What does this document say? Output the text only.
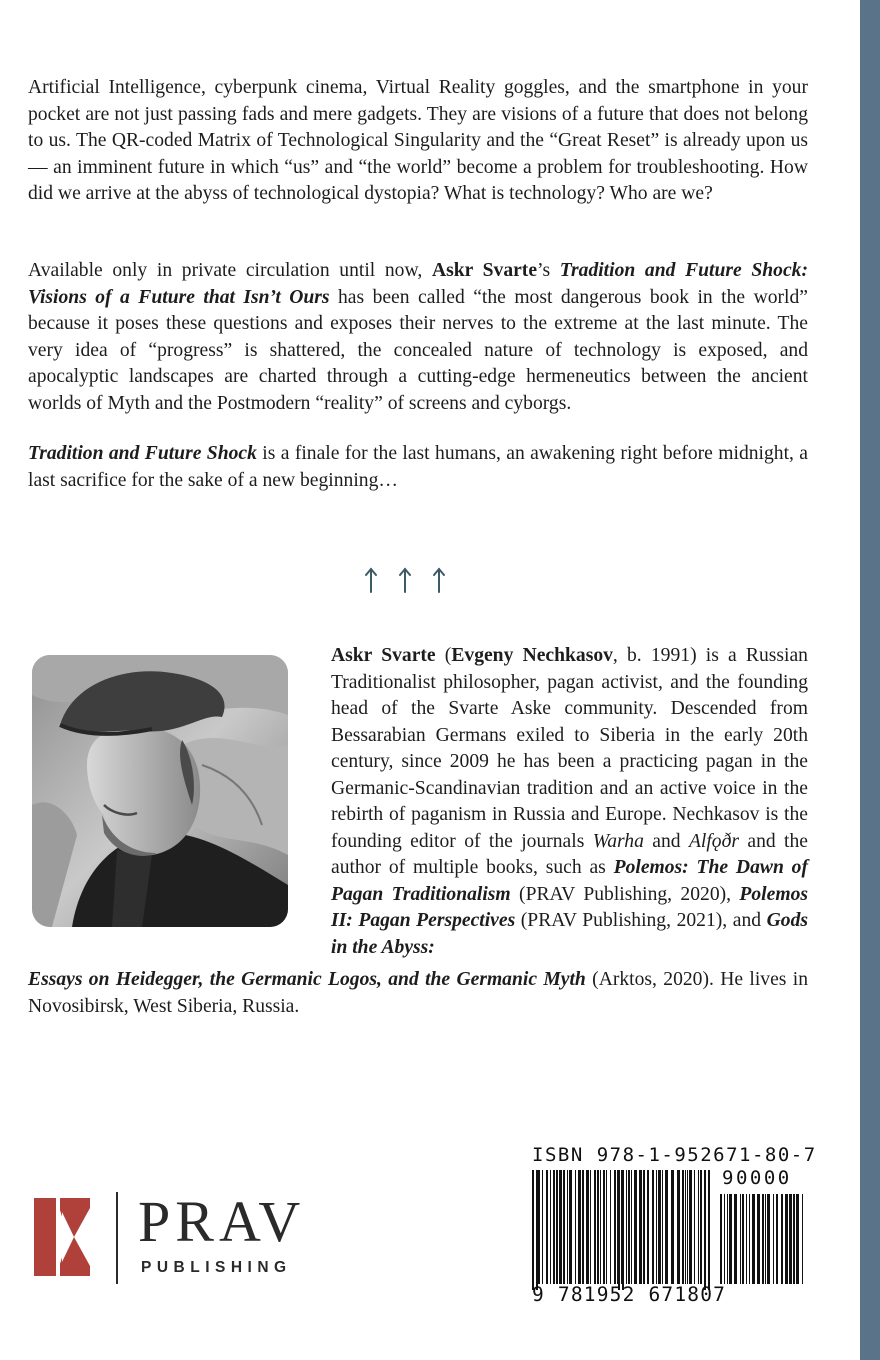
Artificial Intelligence, cyberpunk cinema, Virtual Reality goggles, and the smartphone in your pocket are not just passing fads and mere gadgets. They are visions of a future that does not belong to us. The QR-coded Matrix of Technological Singularity and the “Great Reset” is already upon us — an imminent future in which “us” and “the world” become a problem for troubleshooting. How did we arrive at the abyss of technological dystopia? What is technology? Who are we?

Available only in private circulation until now, Askr Svarte’s Tradition and Future Shock: Visions of a Future that Isn’t Ours has been called “the most dangerous book in the world” because it poses these questions and exposes their nerves to the extreme at the last minute. The very idea of “progress” is shattered, the concealed nature of technology is exposed, and apocalyptic landscapes are charted through a cutting-edge hermeneutics between the ancient worlds of Myth and the Postmodern “reality” of screens and cyborgs.

Tradition and Future Shock is a finale for the last humans, an awakening right before midnight, a last sacrifice for the sake of a new beginning…

Askr Svarte (Evgeny Nechkasov, b. 1991) is a Russian Traditionalist philosopher, pagan activist, and the founding head of the Svarte Aske community. Descended from Bessarabian Germans exiled to Siberia in the early 20th century, since 2009 he has been a practicing pagan in the Germanic-Scandinavian tradition and an active voice in the rebirth of paganism in Russia and Europe. Nechkasov is the founding editor of the journals Warha and Alfǫðr and the author of multiple books, such as Polemos: The Dawn of Pagan Traditionalism (PRAV Publishing, 2020), Polemos II: Pagan Perspectives (PRAV Publishing, 2021), and Gods in the Abyss:

Essays on Heidegger, the Germanic Logos, and the Germanic Myth (Arktos, 2020). He lives in Novosibirsk, West Siberia, Russia.

PRAV
PUBLISHING
ISBN 978-1-952671-80-7
90000
9 781952 671807
